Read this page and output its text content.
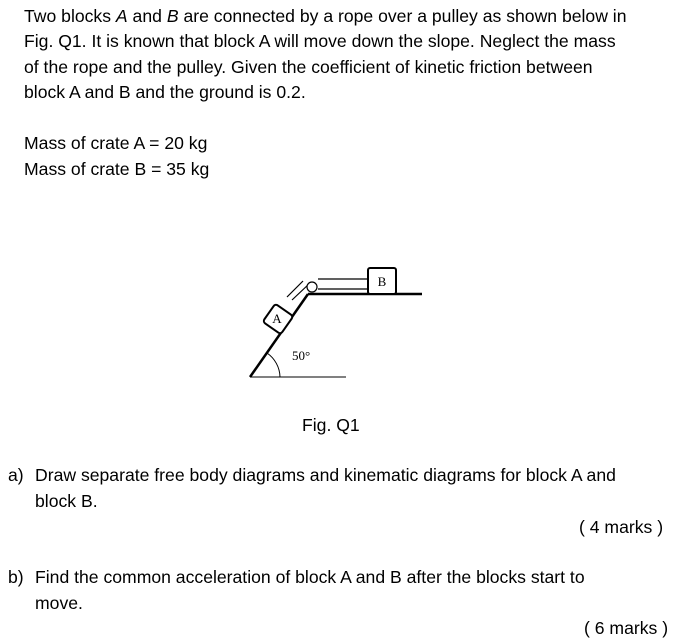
Two blocks A and B are connected by a rope over a pulley as shown below in
Fig. Q1. It is known that block A will move down the slope. Neglect the mass
of the rope and the pulley. Given the coefficient of kinetic friction between
block A and B and the ground is 0.2.
Mass of crate A = 20 kg
Mass of crate B = 35 kg
A
B
50°
Fig. Q1
a) Draw separate free body diagrams and kinematic diagrams for block A and
block B.
( 4 marks )
b) Find the common acceleration of block A and B after the blocks start to
move.
( 6 marks )
